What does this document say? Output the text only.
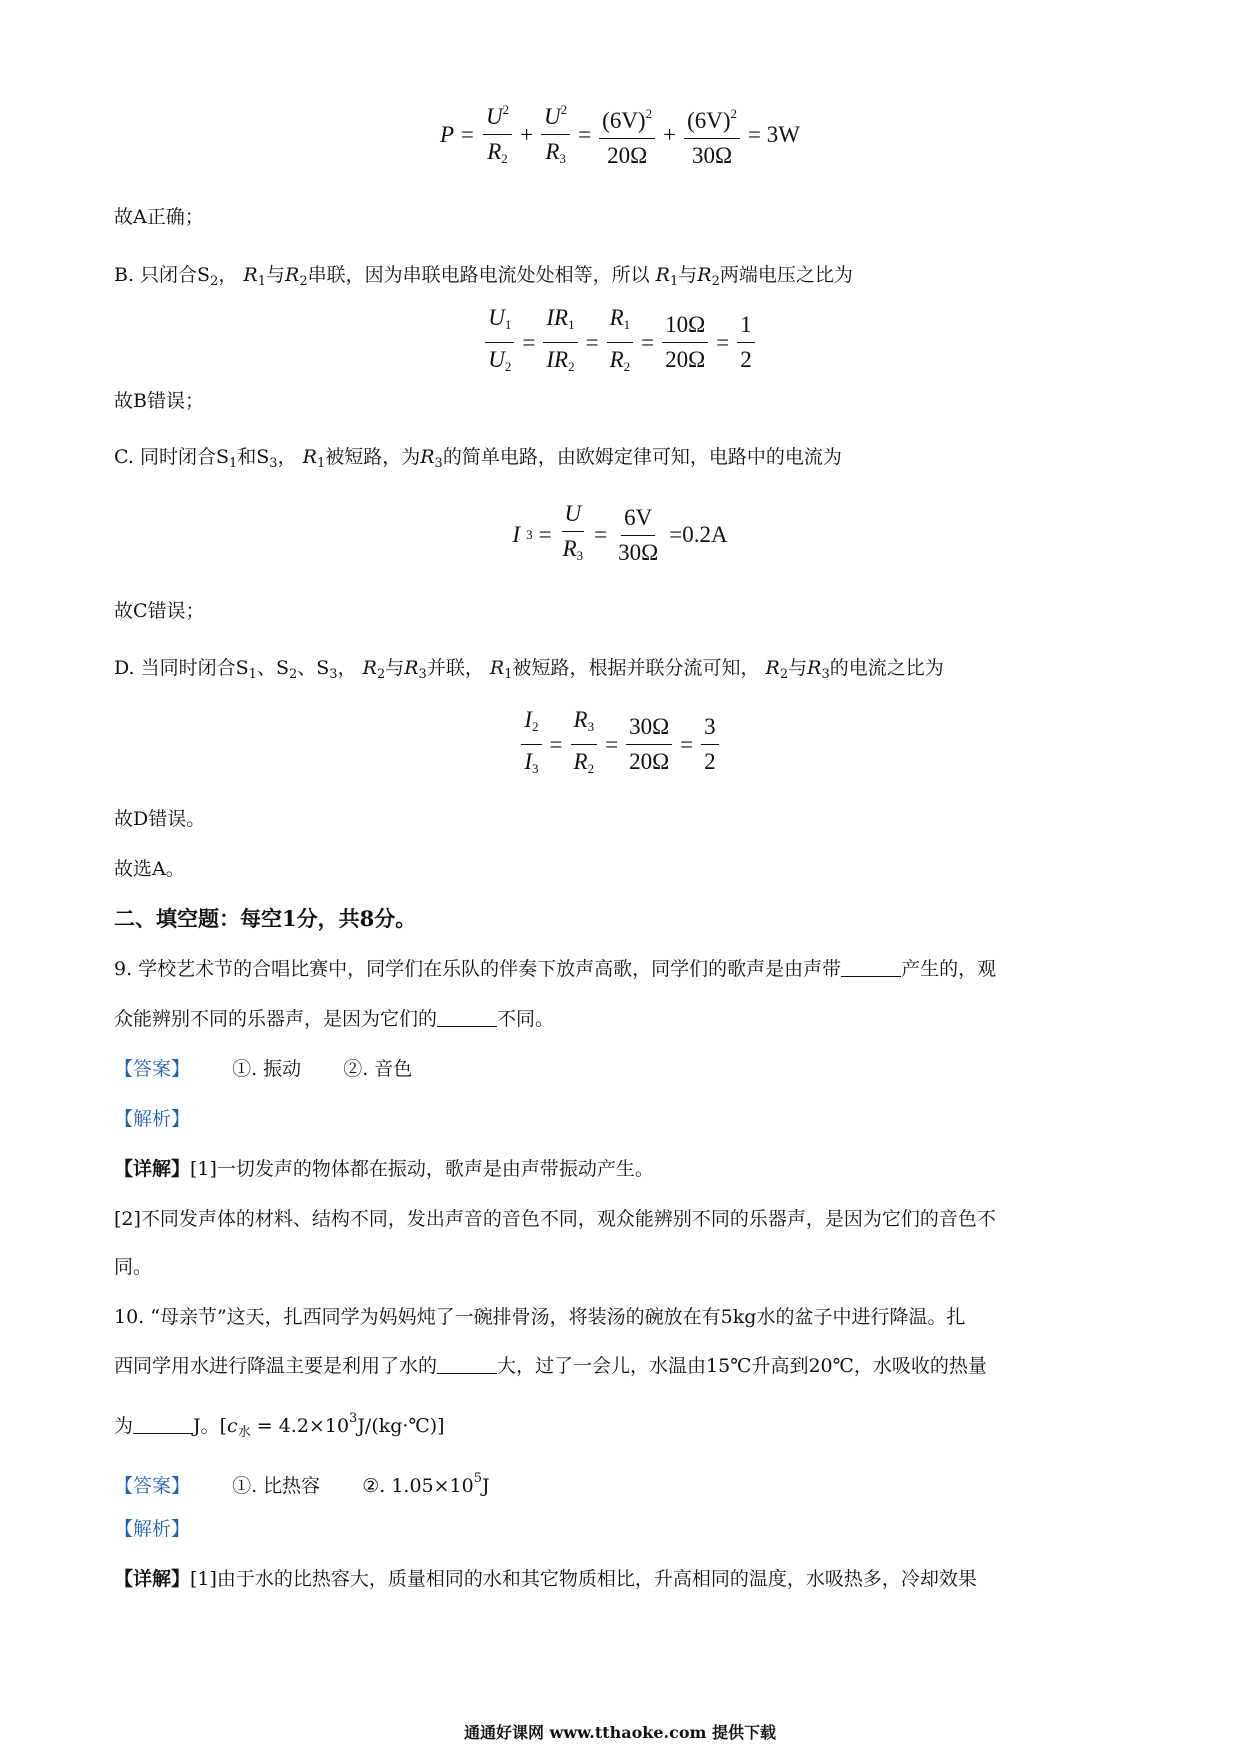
$P = \frac{U^2}{R_2} + \frac{U^2}{R_3} = \frac{(6V)^2}{20\Omega} + \frac{(6V)^2}{30\Omega} = 3W$
故A正确；
B. 只闭合$S_2$， $R_1$与$R_2$串联，因为串联电路电流处处相等，所以 $R_1$与$R_2$两端电压之比为
$\frac{U_1}{U_2} = \frac{IR_1}{IR_2} = \frac{R_1}{R_2} = \frac{10\Omega}{20\Omega} = \frac{1}{2}$
故B错误；
C. 同时闭合$S_1$和$S_3$， $R_1$被短路，为$R_3$的简单电路，由欧姆定律可知，电路中的电流为
I $3 = \frac{U}{R_3} = \frac{6V}{30\Omega} =0.2A$
故C错误；
D. 当同时闭合$S_1$、$S_2$、$S_3$， $R_2$与$R_3$并联， $R_1$被短路，根据并联分流可知， $R_2$与$R_3$的电流之比为
$\frac{I_2}{I_3} = \frac{R_3}{R_2} = \frac{30\Omega}{20\Omega} = \frac{3}{2}$
故D错误。
故选A。
二、填空题：每空1分，共8分。
9. 学校艺术节的合唱比赛中，同学们在乐队的伴奏下放声高歌，同学们的歌声是由声带	产生的，观
众能辨别不同的乐器声，是因为它们的	不同。
【答案】 ①. 振动 ②. 音色
【解析】
【详解】[1]一切发声的物体都在振动，歌声是由声带振动产生。
[2]不同发声体的材料、结构不同，发出声音的音色不同，观众能辨别不同的乐器声，是因为它们的音色不
同。
10. “母亲节”这天，扎西同学为妈妈炖了一碗排骨汤，将装汤的碗放在有5kg水的盆子中进行降温。扎
西同学用水进行降温主要是利用了水的	大，过了一会儿，水温由15℃升高到20℃，水吸收的热量
为	J。[$c_水$ = $4.2\times 10^3J/(kg\cdot℃)$]
【答案】 ①. 比热容 ②. $1.05\times 10^5J$
【解析】
【详解】[1]由于水的比热容大，质量相同的水和其它物质相比，升高相同的温度，水吸热多，冷却效果
通通好课网 www.tthaoke.com 提供下载
